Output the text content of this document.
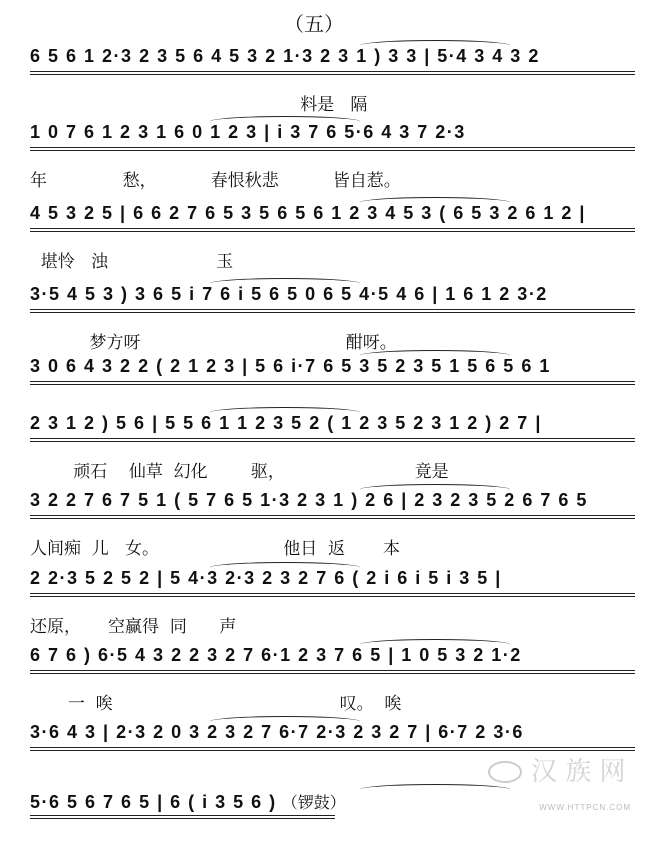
（五）
6 5 6 1 2·3 2 3 5 6 4 5 3 2 1·3 2 3 1 ) 3 3 | 5·4 3 4 3 2
料是   隔
1 0 7 6 1 2 3 1 6 0 1 2 3 | i 3 7 6 5·6 4 3 7 2·3
年              愁，          春恨秋悲          皆自惹。
4 5 3 2 5 | 6 6 2 7 6 5 3 5 6 5 6 1 2 3 4 5 3 ( 6 5 3 2 6 1 2 |
堪怜   浊                    玉
3·5 4 5 3 ) 3 6 5 i 7 6 i 5 6 5 0 6 5 4·5 4 6 | 1 6 1 2 3·2
梦方呀                                      酣呀。
3 0 6 4 3 2 2 ( 2 1 2 3 | 5 6 i·7 6 5 3 5 2 3 5 1 5 6 5 6 1
2 3 1 2 ) 5 6 | 5 5 6 1 1 2 3 5 2 ( 1 2 3 5 2 3 1 2 ) 2 7 |
顽石    仙草  幻化        驱，                        竟是
3 2 2 7 6 7 5 1 ( 5 7 6 5 1·3 2 3 1 ) 2 6 | 2 3 2 3 5 2 6 7 6 5
人间痴  儿   女。                       他日  返       本
2 2·3 5 2 5 2 | 5 4·3 2·3 2 3 2 7 6 ( 2 i 6 i 5 i 3 5 |
还原，     空赢得  同      声
6 7 6 ) 6·5 4 3 2 2 3 2 7 6·1 2 3 7 6 5 | 1 0 5 3 2 1·2
一  唉                                          叹。  唉
3·6 4 3 | 2·3 2 0 3 2 3 2 7 6·7 2·3 2 3 2 7 | 6·7 2 3·6
5·6 5 6 7 6 5 | 6 ( i 3 5 6 ) （锣鼓）
汉 族 网
WWW.HTTPCN.COM
